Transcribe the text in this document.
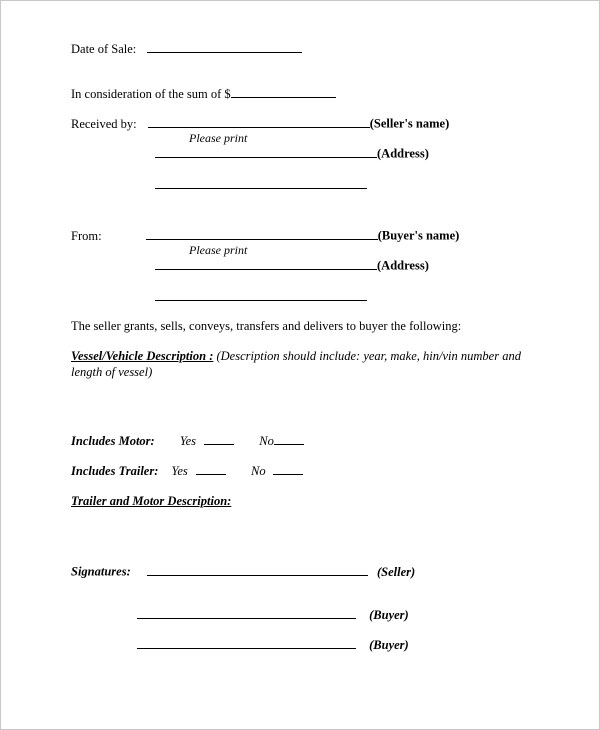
Date of Sale:
In consideration of the sum of $
Received by:	(Seller's name)
Please print
(Address)
From:	(Buyer's name)
Please print
(Address)
The seller grants, sells, conveys, transfers and delivers to buyer the following:
Vessel/Vehicle Description : (Description should include: year, make, hin/vin number and length of vessel)
Includes Motor: Yes	No
Includes Trailer: Yes	No
Trailer and Motor Description:
Signatures:	(Seller)
(Buyer)
(Buyer)
